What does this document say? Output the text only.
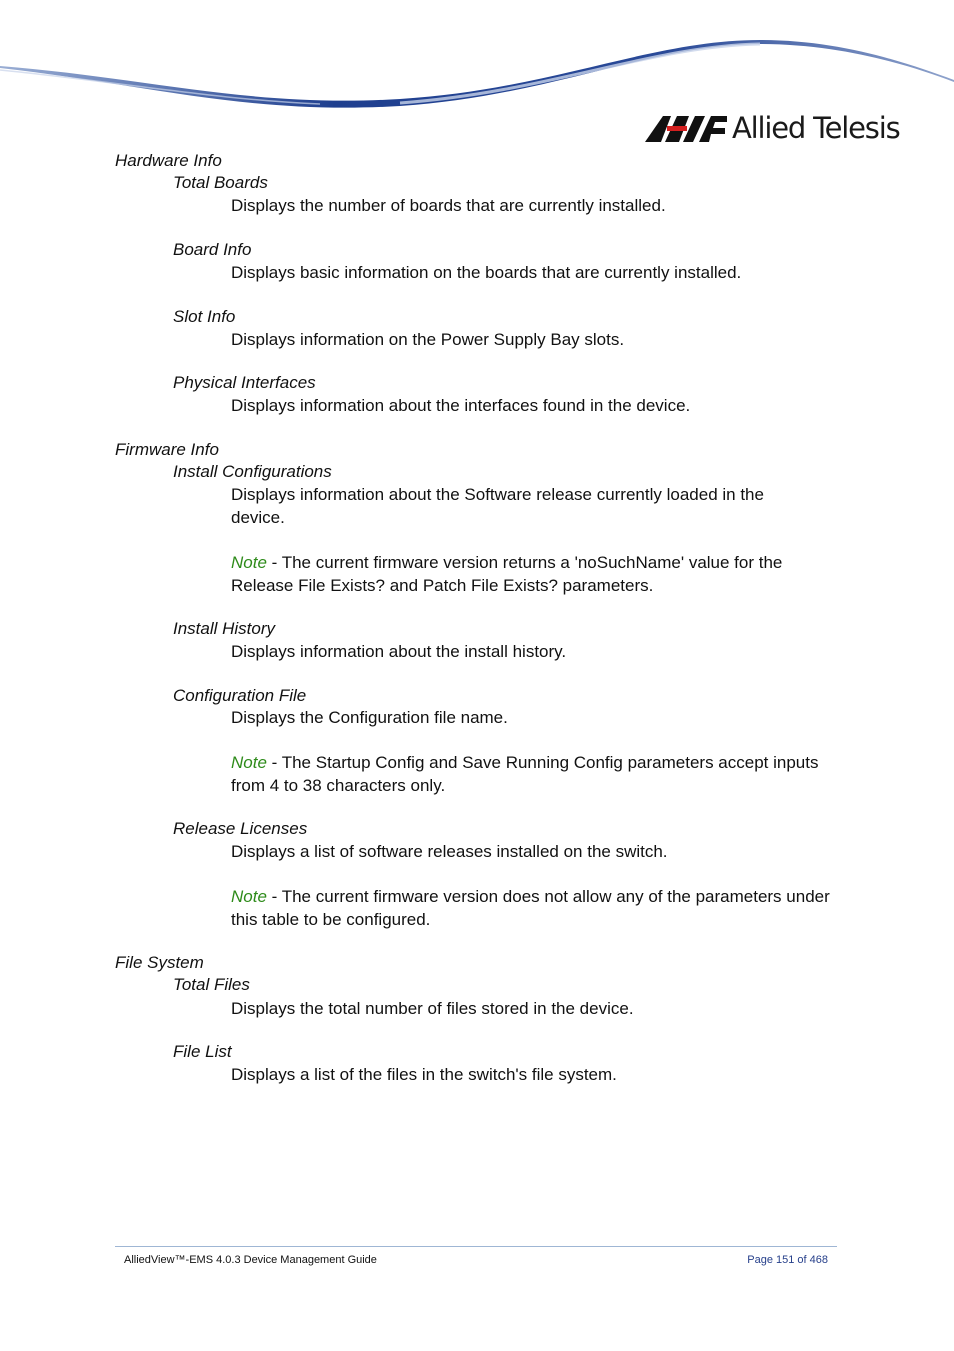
Allied Telesis
Hardware Info
Total Boards
Displays the number of boards that are currently installed.
Board Info
Displays basic information on the boards that are currently installed.
Slot Info
Displays information on the Power Supply Bay slots.
Physical Interfaces
Displays information about the interfaces found in the device.
Firmware Info
Install Configurations
Displays information about the Software release currently loaded in the device.
Note - The current firmware version returns a 'noSuchName' value for the Release File Exists? and Patch File Exists? parameters.
Install History
Displays information about the install history.
Configuration File
Displays the Configuration file name.
Note - The Startup Config and Save Running Config parameters accept inputs from 4 to 38 characters only.
Release Licenses
Displays a list of software releases installed on the switch.
Note - The current firmware version does not allow any of the parameters under this table to be configured.
File System
Total Files
Displays the total number of files stored in the device.
File List
Displays a list of the files in the switch's file system.
AlliedView™-EMS 4.0.3 Device Management Guide	Page 151 of 468
